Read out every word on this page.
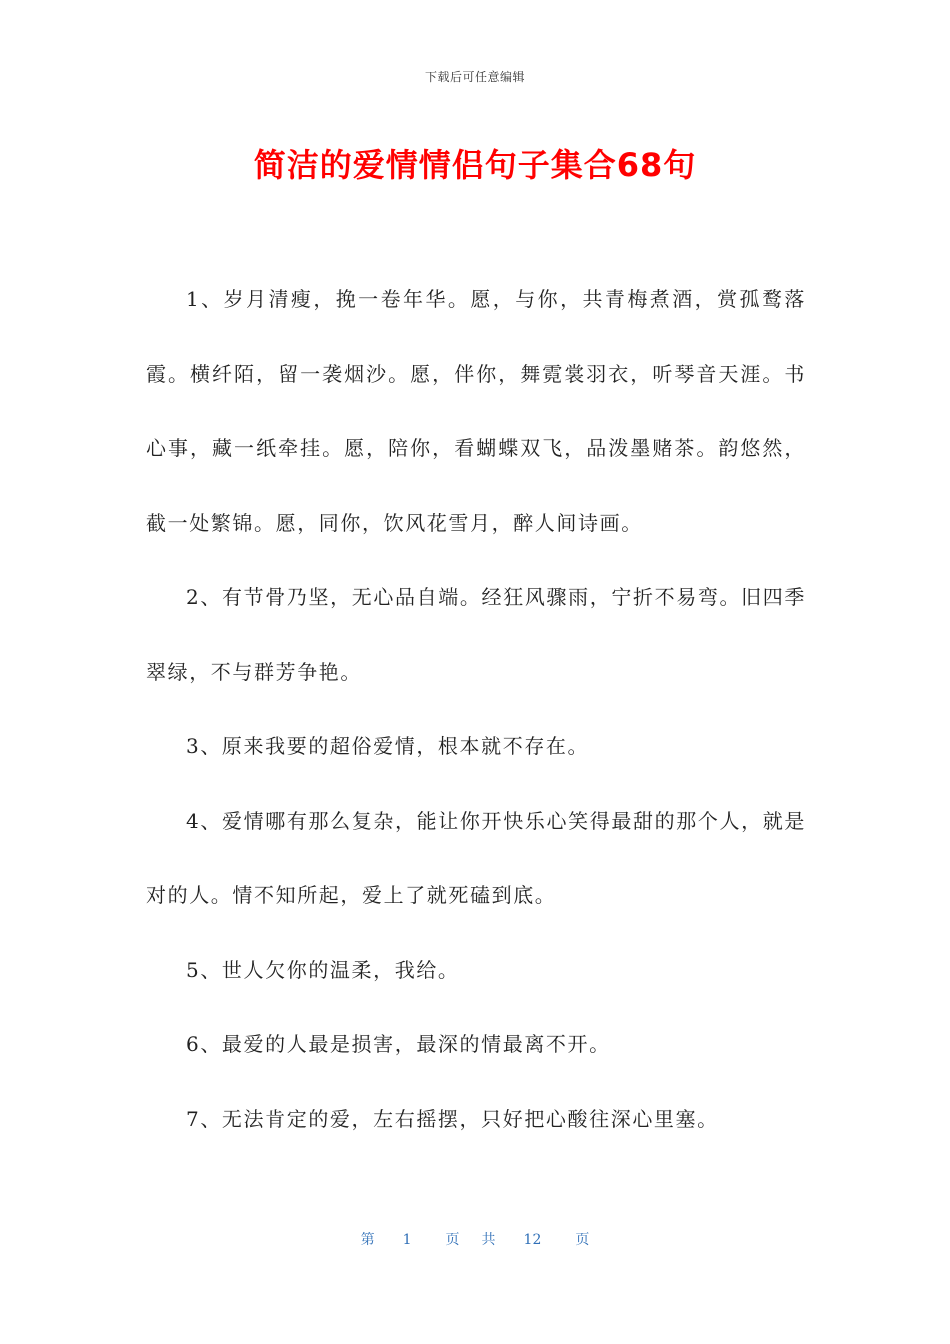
下载后可任意编辑
简洁的爱情情侣句子集合68句

1、岁月清瘦，挽一卷年华。愿，与你，共青梅煮酒，赏孤鹜落霞。横纤陌，留一袭烟沙。愿，伴你，舞霓裳羽衣，听琴音天涯。书心事，藏一纸牵挂。愿，陪你，看蝴蝶双飞，品泼墨赌茶。韵悠然，截一处繁锦。愿，同你，饮风花雪月，醉人间诗画。

2、有节骨乃坚，无心品自端。经狂风骤雨，宁折不易弯。旧四季翠绿，不与群芳争艳。

3、原来我要的超俗爱情，根本就不存在。

4、爱情哪有那么复杂，能让你开快乐心笑得最甜的那个人，就是对的人。情不知所起，爱上了就死磕到底。

5、世人欠你的温柔，我给。

6、最爱的人最是损害，最深的情最离不开。

7、无法肯定的爱，左右摇摆，只好把心酸往深心里塞。

第 1 页 共 12 页
